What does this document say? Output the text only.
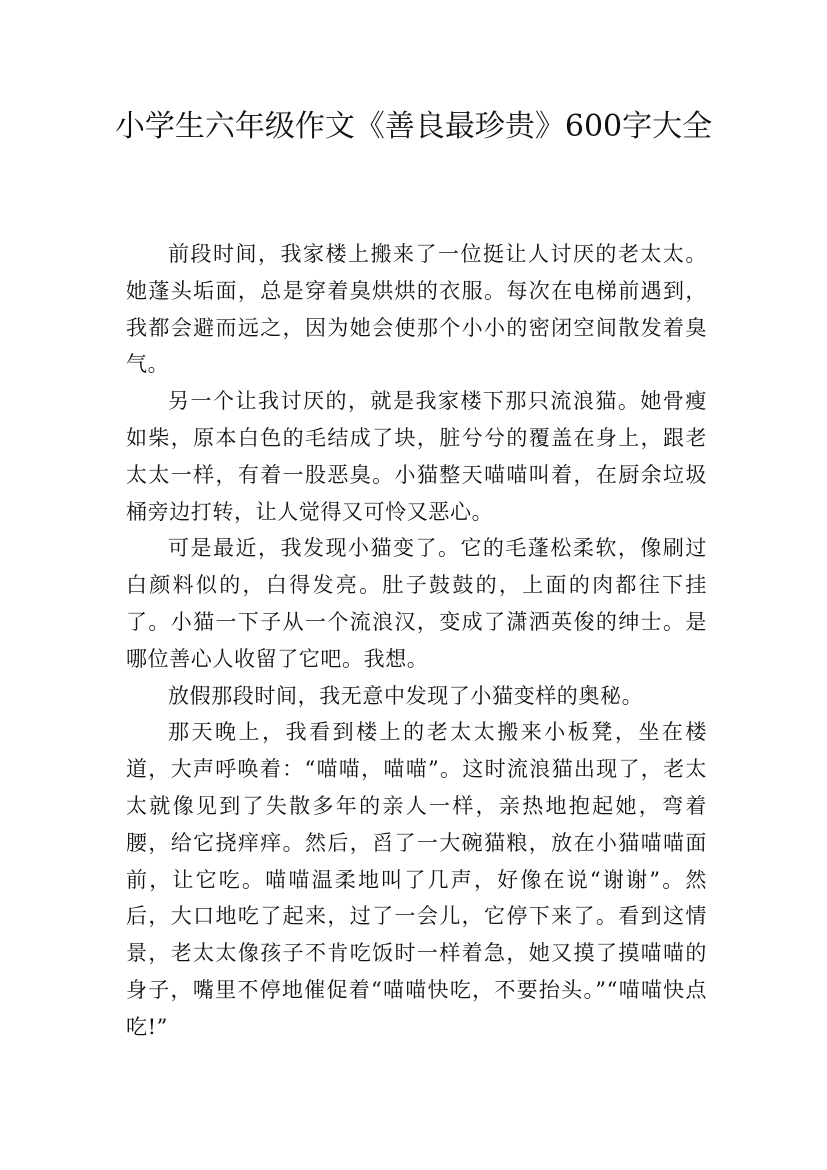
小学生六年级作文《善良最珍贵》600字大全

前段时间，我家楼上搬来了一位挺让人讨厌的老太太。她蓬头垢面，总是穿着臭烘烘的衣服。每次在电梯前遇到，我都会避而远之，因为她会使那个小小的密闭空间散发着臭气。

另一个让我讨厌的，就是我家楼下那只流浪猫。她骨瘦如柴，原本白色的毛结成了块，脏兮兮的覆盖在身上，跟老太太一样，有着一股恶臭。小猫整天喵喵叫着，在厨余垃圾桶旁边打转，让人觉得又可怜又恶心。

可是最近，我发现小猫变了。它的毛蓬松柔软，像刷过白颜料似的，白得发亮。肚子鼓鼓的，上面的肉都往下挂了。小猫一下子从一个流浪汉，变成了潇洒英俊的绅士。是哪位善心人收留了它吧。我想。

放假那段时间，我无意中发现了小猫变样的奥秘。

那天晚上，我看到楼上的老太太搬来小板凳，坐在楼道，大声呼唤着：“喵喵，喵喵”。这时流浪猫出现了，老太太就像见到了失散多年的亲人一样，亲热地抱起她，弯着腰，给它挠痒痒。然后，舀了一大碗猫粮，放在小猫喵喵面前，让它吃。喵喵温柔地叫了几声，好像在说“谢谢”。然后，大口地吃了起来，过了一会儿，它停下来了。看到这情景，老太太像孩子不肯吃饭时一样着急，她又摸了摸喵喵的身子，嘴里不停地催促着“喵喵快吃，不要抬头。”“喵喵快点吃!”
